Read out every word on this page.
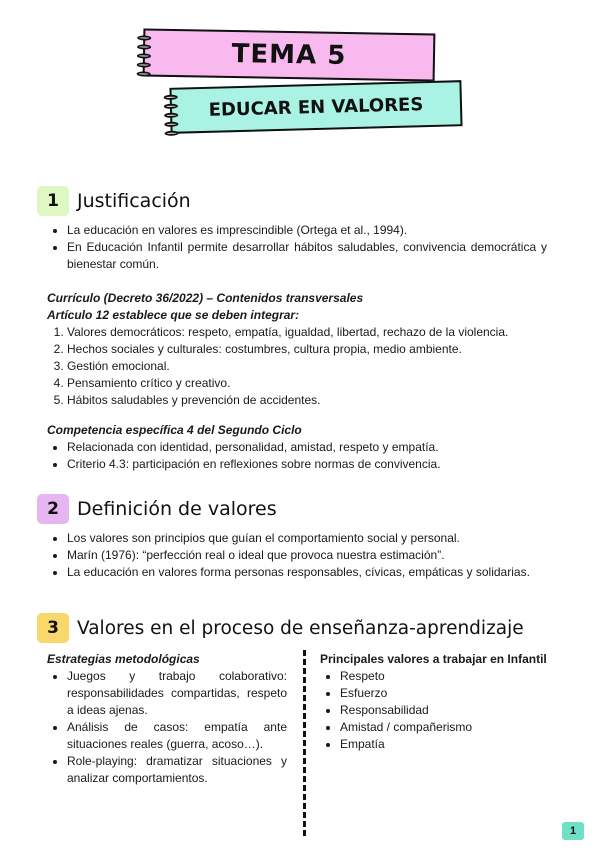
TEMA 5
EDUCAR EN VALORES
1 Justificación
• La educación en valores es imprescindible (Ortega et al., 1994).
• En Educación Infantil permite desarrollar hábitos saludables, convivencia democrática y bienestar común.
Currículo (Decreto 36/2022) – Contenidos transversales
Artículo 12 establece que se deben integrar:
1. Valores democráticos: respeto, empatía, igualdad, libertad, rechazo de la violencia.
2. Hechos sociales y culturales: costumbres, cultura propia, medio ambiente.
3. Gestión emocional.
4. Pensamiento crítico y creativo.
5. Hábitos saludables y prevención de accidentes.
Competencia específica 4 del Segundo Ciclo
• Relacionada con identidad, personalidad, amistad, respeto y empatía.
• Criterio 4.3: participación en reflexiones sobre normas de convivencia.
2 Definición de valores
• Los valores son principios que guían el comportamiento social y personal.
• Marín (1976): “perfección real o ideal que provoca nuestra estimación”.
• La educación en valores forma personas responsables, cívicas, empáticas y solidarias.
3 Valores en el proceso de enseñanza-aprendizaje
Estrategias metodológicas
• Juegos y trabajo colaborativo: responsabilidades compartidas, respeto a ideas ajenas.
• Análisis de casos: empatía ante situaciones reales (guerra, acoso…).
• Role-playing: dramatizar situaciones y analizar comportamientos.
Principales valores a trabajar en Infantil
• Respeto
• Esfuerzo
• Responsabilidad
• Amistad / compañerismo
• Empatía
1
